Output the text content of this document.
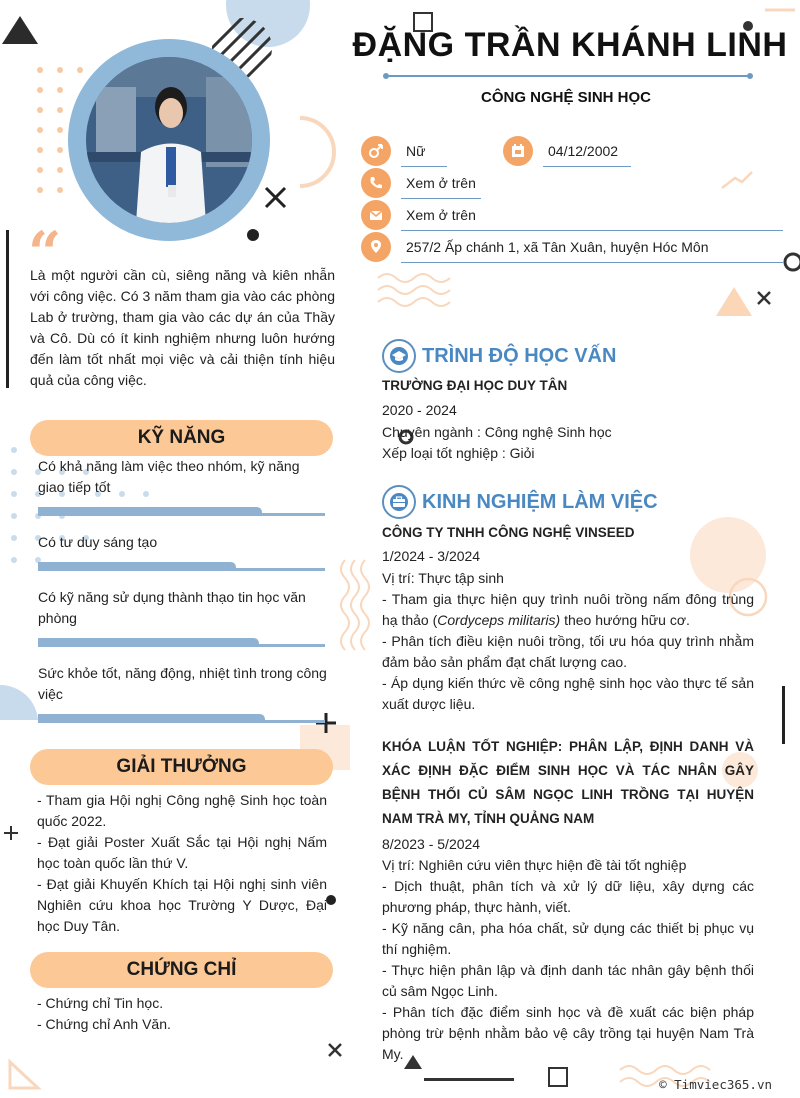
“
Là một người cần cù, siêng năng và kiên nhẫn với công việc. Có 3 năm tham gia vào các phòng Lab ở trường, tham gia vào các dự án của Thầy và Cô. Dù có ít kinh nghiệm nhưng luôn hướng đến làm tốt nhất mọi việc và cải thiện tính hiệu quả của công việc.
KỸ NĂNG
Có khả năng làm việc theo nhóm, kỹ năng giao tiếp tốt
Có tư duy sáng tạo
Có kỹ năng sử dụng thành thạo tin học văn phòng
Sức khỏe tốt, năng động, nhiệt tình trong công việc
GIẢI THƯỞNG
- Tham gia Hội nghị Công nghệ Sinh học toàn quốc 2022.
- Đạt giải Poster Xuất Sắc tại Hội nghị Nấm học toàn quốc lần thứ V.
- Đạt giải Khuyến Khích tại Hội nghị sinh viên Nghiên cứu khoa học Trường Y Dược, Đại học Duy Tân.
CHỨNG CHỈ
- Chứng chỉ Tin học.
- Chứng chỉ Anh Văn.
ĐẶNG TRẦN KHÁNH LINH
CÔNG NGHỆ SINH HỌC
Nữ	04/12/2002
Xem ở trên
Xem ở trên
257/2 Ấp chánh 1, xã Tân Xuân, huyện Hóc Môn
TRÌNH ĐỘ HỌC VẤN
TRƯỜNG ĐẠI HỌC DUY TÂN
2020 - 2024
Chuyên ngành : Công nghệ Sinh học
Xếp loại tốt nghiệp : Giỏi
KINH NGHIỆM LÀM VIỆC
CÔNG TY TNHH CÔNG NGHỆ VINSEED
1/2024 - 3/2024
Vị trí: Thực tập sinh
- Tham gia thực hiện quy trình nuôi trồng nấm đông trùng hạ thảo (Cordyceps militaris) theo hướng hữu cơ.
- Phân tích điều kiện nuôi trồng, tối ưu hóa quy trình nhằm đảm bảo sản phẩm đạt chất lượng cao.
- Áp dụng kiến thức về công nghệ sinh học vào thực tế sản xuất dược liệu.
KHÓA LUẬN TỐT NGHIỆP: PHÂN LẬP, ĐỊNH DANH VÀ XÁC ĐỊNH ĐẶC ĐIỂM SINH HỌC VÀ TÁC NHÂN GÂY BỆNH THỐI CỦ SÂM NGỌC LINH TRỒNG TẠI HUYỆN NAM TRÀ MY, TỈNH QUẢNG NAM
8/2023 - 5/2024
Vị trí: Nghiên cứu viên thực hiện đề tài tốt nghiệp
- Dịch thuật, phân tích và xử lý dữ liệu, xây dựng các phương pháp, thực hành, viết.
- Kỹ năng cân, pha hóa chất, sử dụng các thiết bị phục vụ thí nghiệm.
- Thực hiện phân lập và định danh tác nhân gây bệnh thối củ sâm Ngọc Linh.
- Phân tích đặc điểm sinh học và đề xuất các biện pháp phòng trừ bệnh nhằm bảo vệ cây trồng tại huyện Nam Trà My.
© Timviec365.vn
